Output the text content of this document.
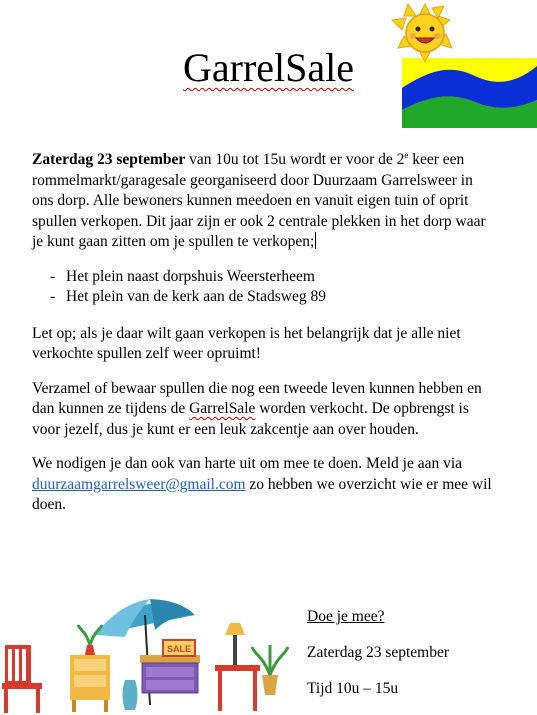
GarrelSale

Zaterdag 23 september van 10u tot 15u wordt er voor de 2e keer een rommelmarkt/garagesale georganiseerd door Duurzaam Garrelsweer in ons dorp. Alle bewoners kunnen meedoen en vanuit eigen tuin of oprit spullen verkopen. Dit jaar zijn er ook 2 centrale plekken in het dorp waar je kunt gaan zitten om je spullen te verkopen;

- Het plein naast dorpshuis Weersterheem
- Het plein van de kerk aan de Stadsweg 89

Let op; als je daar wilt gaan verkopen is het belangrijk dat je alle niet verkochte spullen zelf weer opruimt!

Verzamel of bewaar spullen die nog een tweede leven kunnen hebben en dan kunnen ze tijdens de GarrelSale worden verkocht. De opbrengst is voor jezelf, dus je kunt er een leuk zakcentje aan over houden.

We nodigen je dan ook van harte uit om mee te doen. Meld je aan via duurzaamgarrelsweer@gmail.com zo hebben we overzicht wie er mee wil doen.

SALE
Doe je mee?
Zaterdag 23 september
Tijd 10u – 15u
